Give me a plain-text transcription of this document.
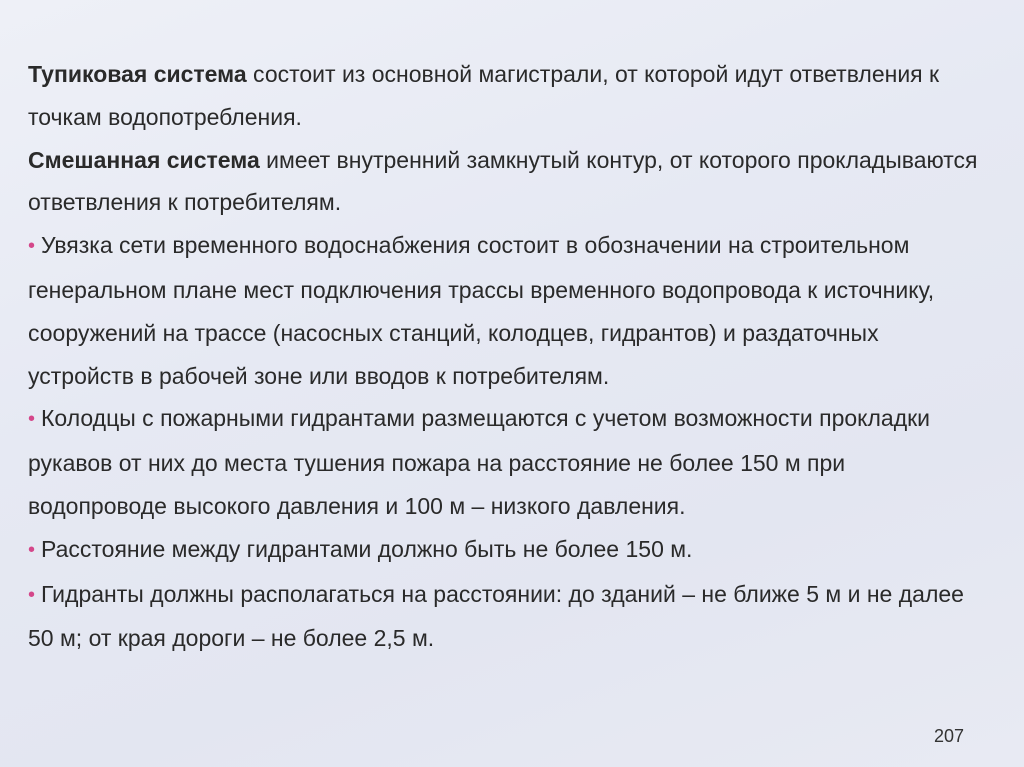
Тупиковая система состоит из основной магистрали, от которой идут ответвления к точкам водопотребления.

Смешанная система имеет внутренний замкнутый контур, от которого прокладываются ответвления к потребителям.

• Увязка сети временного водоснабжения состоит в обозначении на строительном генеральном плане мест подключения трассы временного водопровода к источнику, сооружений на трассе (насосных станций, колодцев, гидрантов) и раздаточных устройств в рабочей зоне или вводов к потребителям.

• Колодцы с пожарными гидрантами размещаются с учетом возможности прокладки рукавов от них до места тушения пожара на расстояние не более 150 м при водопроводе высокого давления и 100 м – низкого давления.

• Расстояние между гидрантами должно быть не более 150 м.

• Гидранты должны располагаться на расстоянии: до зданий – не ближе 5 м и не далее 50 м; от края дороги – не более 2,5 м.

207
